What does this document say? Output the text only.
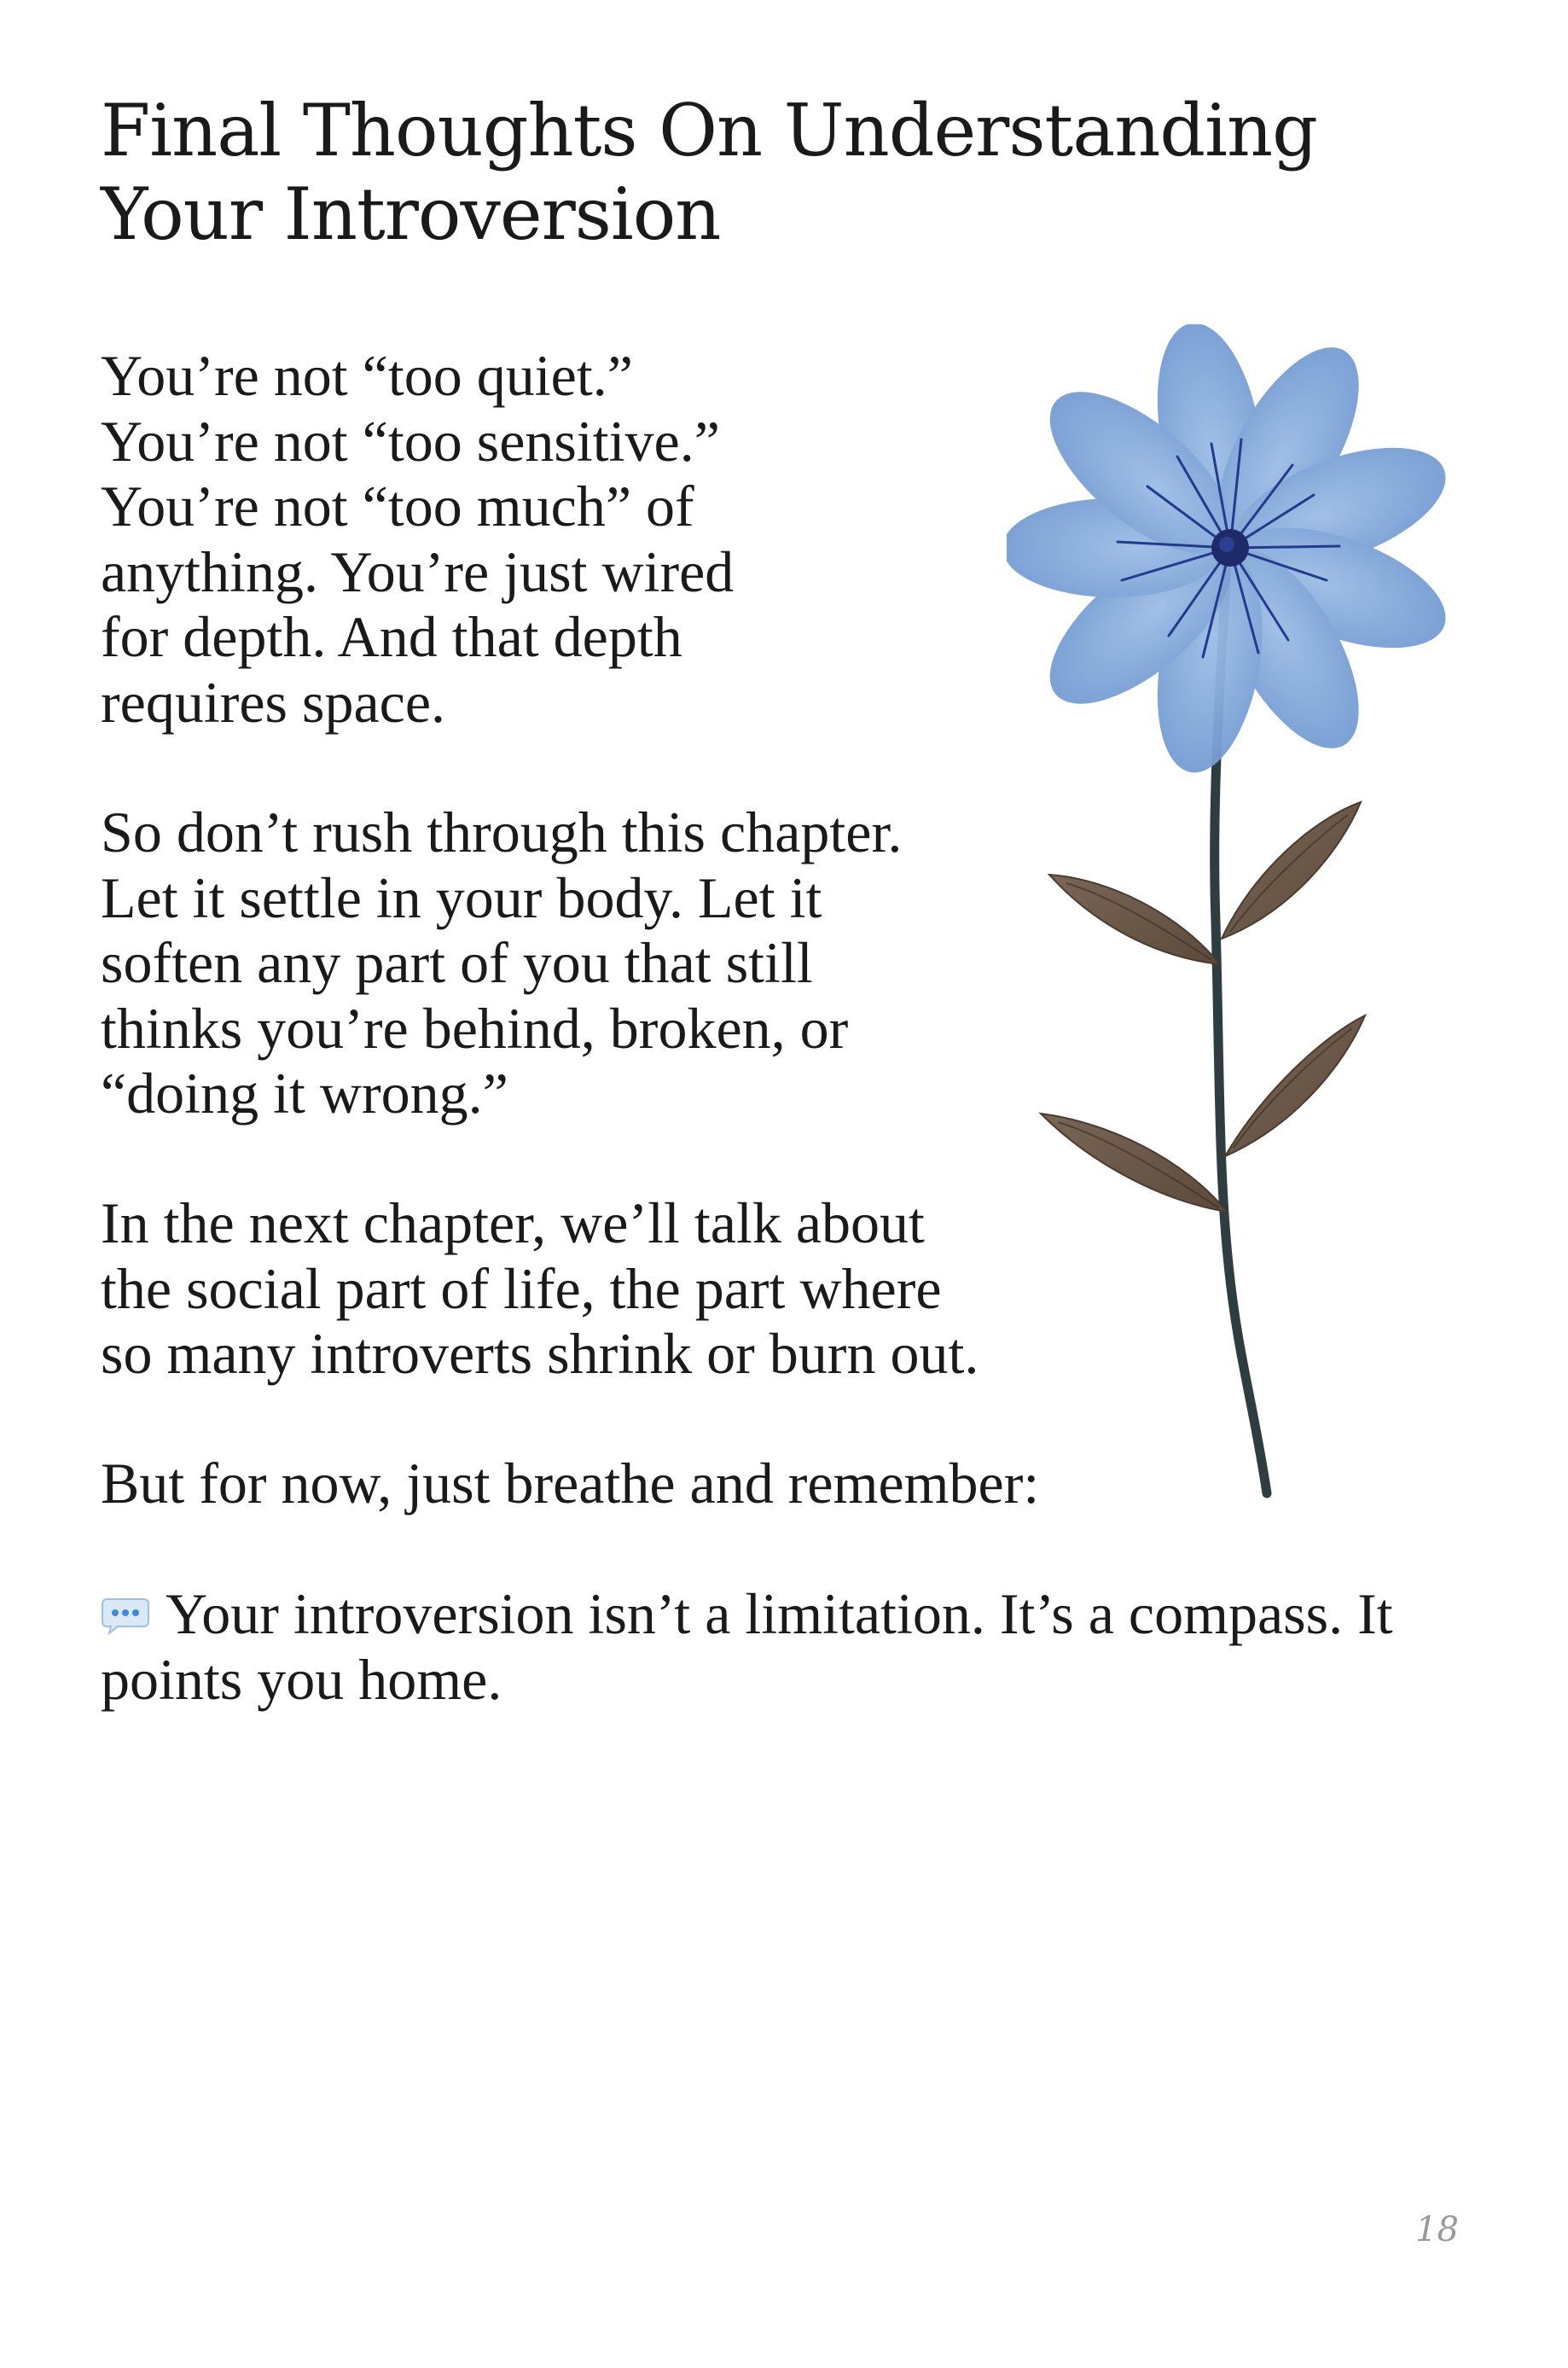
Final Thoughts On Understanding Your Introversion
You’re not “too quiet.”
You’re not “too sensitive.”
You’re not “too much” of
anything. You’re just wired
for depth. And that depth
requires space.
So don’t rush through this chapter.
Let it settle in your body. Let it
soften any part of you that still
thinks you’re behind, broken, or
“doing it wrong.”
In the next chapter, we’ll talk about
the social part of life, the part where
so many introverts shrink or burn out.
But for now, just breathe and remember:
Your introversion isn’t a limitation. It’s a compass. It
points you home.
18
